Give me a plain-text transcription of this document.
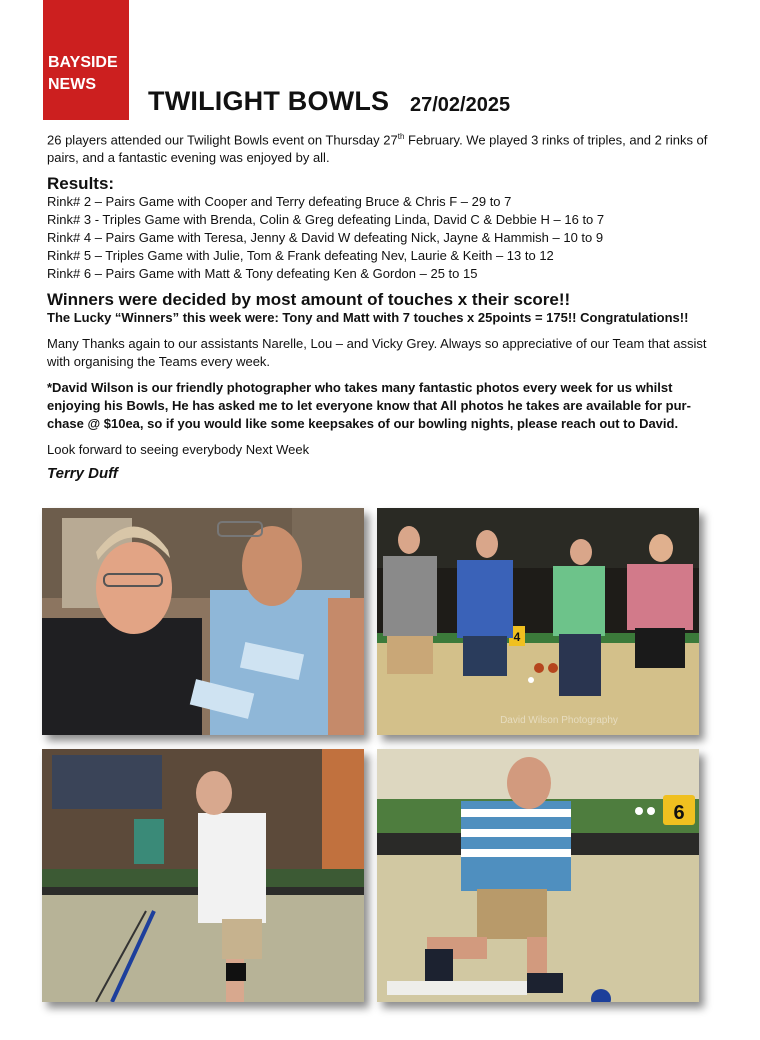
BAYSIDE
NEWS
TWILIGHT BOWLS 27/02/2025

26 players attended our Twilight Bowls event on Thursday 27th February. We played 3 rinks of triples, and 2 rinks of pairs, and a fantastic evening was enjoyed by all.

Results:

Rink# 2 – Pairs Game with Cooper and Terry defeating Bruce & Chris F – 29 to 7

Rink# 3 - Triples Game with Brenda, Colin & Greg defeating Linda, David C & Debbie H – 16 to 7

Rink# 4 – Pairs Game with Teresa, Jenny & David W defeating Nick, Jayne & Hammish – 10 to 9

Rink# 5 – Triples Game with Julie, Tom & Frank defeating Nev, Laurie & Keith – 13 to 12

Rink# 6 – Pairs Game with Matt & Tony defeating Ken & Gordon – 25 to 15

Winners were decided by most amount of touches x their score!!

The Lucky “Winners” this week were: Tony and Matt with 7 touches x 25points = 175!! Congratulations!!

Many Thanks again to our assistants Narelle, Lou – and Vicky Grey. Always so appreciative of our Team that assist with organising the Teams every week.

*David Wilson is our friendly photographer who takes many fantastic photos every week for us whilst enjoying his Bowls, He has asked me to let everyone know that All photos he takes are available for pur-chase @ $10ea, so if you would like some keepsakes of our bowling nights, please reach out to David.

Look forward to seeing everybody Next Week

Terry Duff

4
David Wilson Photography
6
